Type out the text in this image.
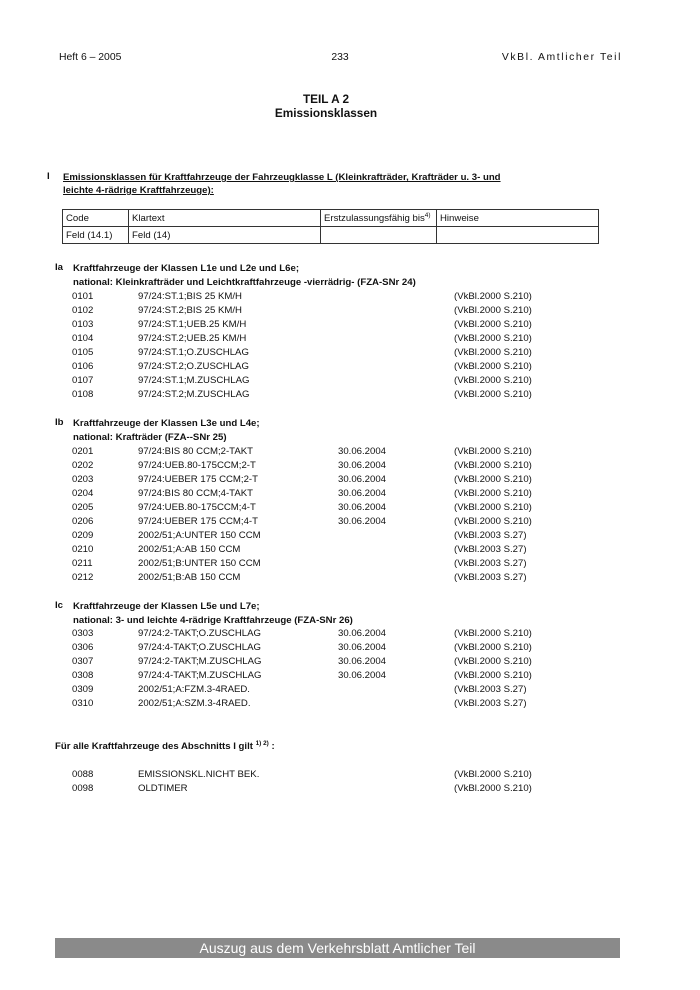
Heft 6 – 2005	233	VkBl. Amtlicher Teil
TEIL A 2
Emissionsklassen
I Emissionsklassen für Kraftfahrzeuge der Fahrzeugklasse L (Kleinkrafträder, Krafträder u. 3- und
leichte 4-rädrige Kraftfahrzeuge):
Code	Klartext	Erstzulassungsfähig bis$^{4)}$	Hinweise
Feld (14.1)	Feld (14)		
Ia Kraftfahrzeuge der Klassen L1e und L2e und L6e;
national: Kleinkrafträder und Leichtkraftfahrzeuge -vierrädrig- (FZA-SNr 24)
0101	97/24:ST.1;BIS 25 KM/H	(VkBl.2000 S.210)
0102	97/24:ST.2;BIS 25 KM/H	(VkBl.2000 S.210)
0103	97/24:ST.1;UEB.25 KM/H	(VkBl.2000 S.210)
0104	97/24:ST.2;UEB.25 KM/H	(VkBl.2000 S.210)
0105	97/24:ST.1;O.ZUSCHLAG	(VkBl.2000 S.210)
0106	97/24:ST.2;O.ZUSCHLAG	(VkBl.2000 S.210)
0107	97/24:ST.1;M.ZUSCHLAG	(VkBl.2000 S.210)
0108	97/24:ST.2;M.ZUSCHLAG	(VkBl.2000 S.210)
Ib Kraftfahrzeuge der Klassen L3e und L4e;
national: Krafträder (FZA--SNr 25)
0201	97/24:BIS 80 CCM;2-TAKT	30.06.2004	(VkBl.2000 S.210)
0202	97/24:UEB.80-175CCM;2-T	30.06.2004	(VkBl.2000 S.210)
0203	97/24:UEBER 175 CCM;2-T	30.06.2004	(VkBl.2000 S.210)
0204	97/24:BIS 80 CCM;4-TAKT	30.06.2004	(VkBl.2000 S.210)
0205	97/24:UEB.80-175CCM;4-T	30.06.2004	(VkBl.2000 S.210)
0206	97/24:UEBER 175 CCM;4-T	30.06.2004	(VkBl.2000 S.210)
0209	2002/51;A:UNTER 150 CCM	(VkBl.2003 S.27)
0210	2002/51;A:AB 150 CCM	(VkBl.2003 S.27)
0211	2002/51;B:UNTER 150 CCM	(VkBl.2003 S.27)
0212	2002/51;B:AB 150 CCM	(VkBl.2003 S.27)
Ic Kraftfahrzeuge der Klassen L5e und L7e;
national: 3- und leichte 4-rädrige Kraftfahrzeuge (FZA-SNr 26)
0303	97/24:2-TAKT;O.ZUSCHLAG	30.06.2004	(VkBl.2000 S.210)
0306	97/24:4-TAKT;O.ZUSCHLAG	30.06.2004	(VkBl.2000 S.210)
0307	97/24:2-TAKT;M.ZUSCHLAG	30.06.2004	(VkBl.2000 S.210)
0308	97/24:4-TAKT;M.ZUSCHLAG	30.06.2004	(VkBl.2000 S.210)
0309	2002/51;A:FZM.3-4RAED.	(VkBl.2003 S.27)
0310	2002/51;A:SZM.3-4RAED.	(VkBl.2003 S.27)
Für alle Kraftfahrzeuge des Abschnitts I gilt $^{1) 2)}$ :
0088	EMISSIONSKL.NICHT BEK.	(VkBl.2000 S.210)
0098	OLDTIMER	(VkBl.2000 S.210)
Auszug aus dem Verkehrsblatt Amtlicher Teil
